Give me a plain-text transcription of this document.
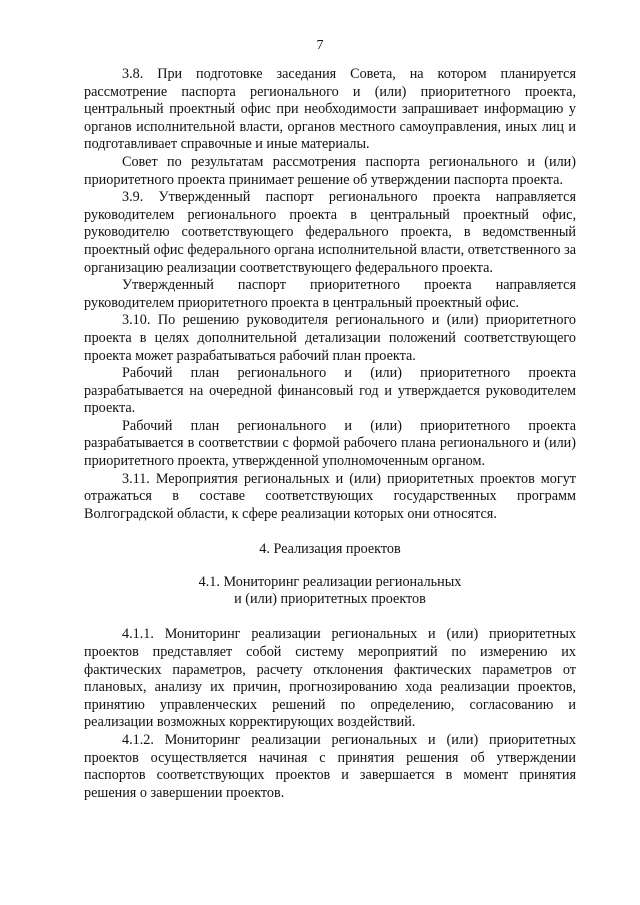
7

3.8. При подготовке заседания Совета, на котором планируется рассмотрение паспорта регионального и (или) приоритетного проекта, центральный проектный офис при необходимости запрашивает информацию у органов исполнительной власти, органов местного самоуправления, иных лиц и подготавливает справочные и иные материалы.

Совет по результатам рассмотрения паспорта регионального и (или) приоритетного проекта принимает решение об утверждении паспорта проекта.

3.9. Утвержденный паспорт регионального проекта направляется руководителем регионального проекта в центральный проектный офис, руководителю соответствующего федерального проекта, в ведомственный проектный офис федерального органа исполнительной власти, ответственного за организацию реализации соответствующего федерального проекта.

Утвержденный паспорт приоритетного проекта направляется руководителем приоритетного проекта в центральный проектный офис.

3.10. По решению руководителя регионального и (или) приоритетного проекта в целях дополнительной детализации положений соответствующего проекта может разрабатываться рабочий план проекта.

Рабочий план регионального и (или) приоритетного проекта разрабатывается на очередной финансовый год и утверждается руководителем проекта.

Рабочий план регионального и (или) приоритетного проекта разрабатывается в соответствии с формой рабочего плана регионального и (или) приоритетного проекта, утвержденной уполномоченным органом.

3.11. Мероприятия региональных и (или) приоритетных проектов могут отражаться в составе соответствующих государственных программ Волгоградской области, к сфере реализации которых они относятся.

4. Реализация проектов
4.1. Мониторинг реализации региональных
и (или) приоритетных проектов

4.1.1. Мониторинг реализации региональных и (или) приоритетных проектов представляет собой систему мероприятий по измерению их фактических параметров, расчету отклонения фактических параметров от плановых, анализу их причин, прогнозированию хода реализации проектов, принятию управленческих решений по определению, согласованию и реализации возможных корректирующих воздействий.

4.1.2. Мониторинг реализации региональных и (или) приоритетных проектов осуществляется начиная с принятия решения об утверждении паспортов соответствующих проектов и завершается в момент принятия решения о завершении проектов.
